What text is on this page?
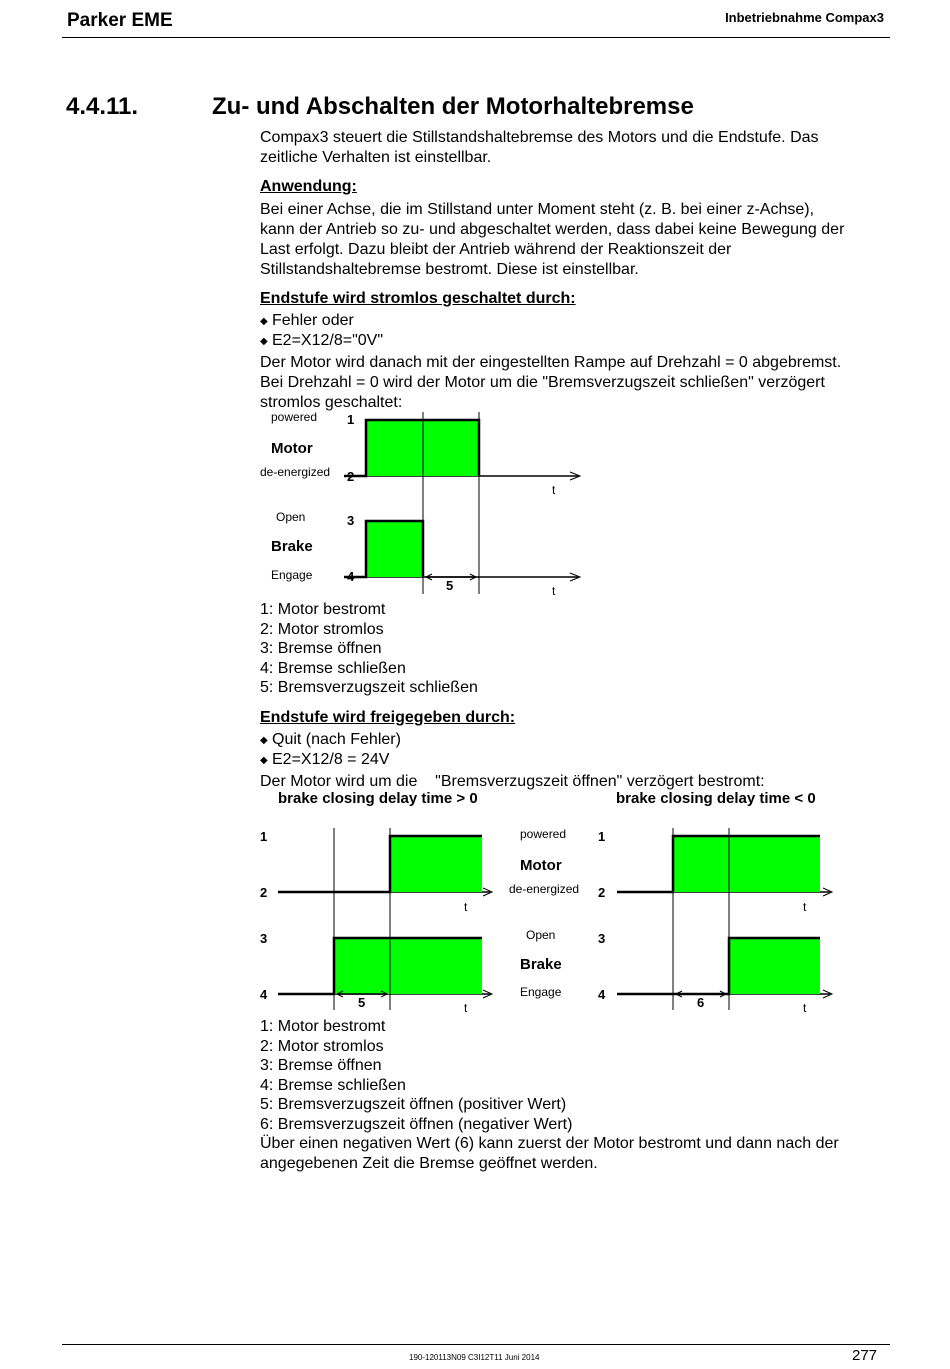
Parker EME	Inbetriebnahme Compax3
4.4.11.	Zu- und Abschalten der Motorhaltebremse
Compax3 steuert die Stillstandshaltebremse des Motors und die Endstufe. Das
zeitliche Verhalten ist einstellbar.
Anwendung:
Bei einer Achse, die im Stillstand unter Moment steht (z. B. bei einer z-Achse),
kann der Antrieb so zu- und abgeschaltet werden, dass dabei keine Bewegung der
Last erfolgt. Dazu bleibt der Antrieb während der Reaktionszeit der
Stillstandshaltebremse bestromt. Diese ist einstellbar.
Endstufe wird stromlos geschaltet durch:
◆ Fehler oder
◆ E2=X12/8="0V"
Der Motor wird danach mit der eingestellten Rampe auf Drehzahl = 0 abgebremst.
Bei Drehzahl = 0 wird der Motor um die "Bremsverzugszeit schließen" verzögert
stromlos geschaltet:
powered 1
Motor
de-energized 2
t
Open	3
Brake
Engage	4
5	t
1: Motor bestromt
2: Motor stromlos
3: Bremse öffnen
4: Bremse schließen
5: Bremsverzugszeit schließen
Endstufe wird freigegeben durch:
◆ Quit (nach Fehler)
◆ E2=X12/8 = 24V
Der Motor wird um die    "Bremsverzugszeit öffnen" verzögert bestromt:
brake closing delay time > 0	brake closing delay time < 0
1
2
t
3
4
5	t
powered
Motor
de-energized
Open
Brake
Engage
1
2
t
3
4
6	t
1: Motor bestromt
2: Motor stromlos
3: Bremse öffnen
4: Bremse schließen
5: Bremsverzugszeit öffnen (positiver Wert)
6: Bremsverzugszeit öffnen (negativer Wert)
Über einen negativen Wert (6) kann zuerst der Motor bestromt und dann nach der
angegebenen Zeit die Bremse geöffnet werden.
190-120113N09 C3I12T11 Juni 2014	277
